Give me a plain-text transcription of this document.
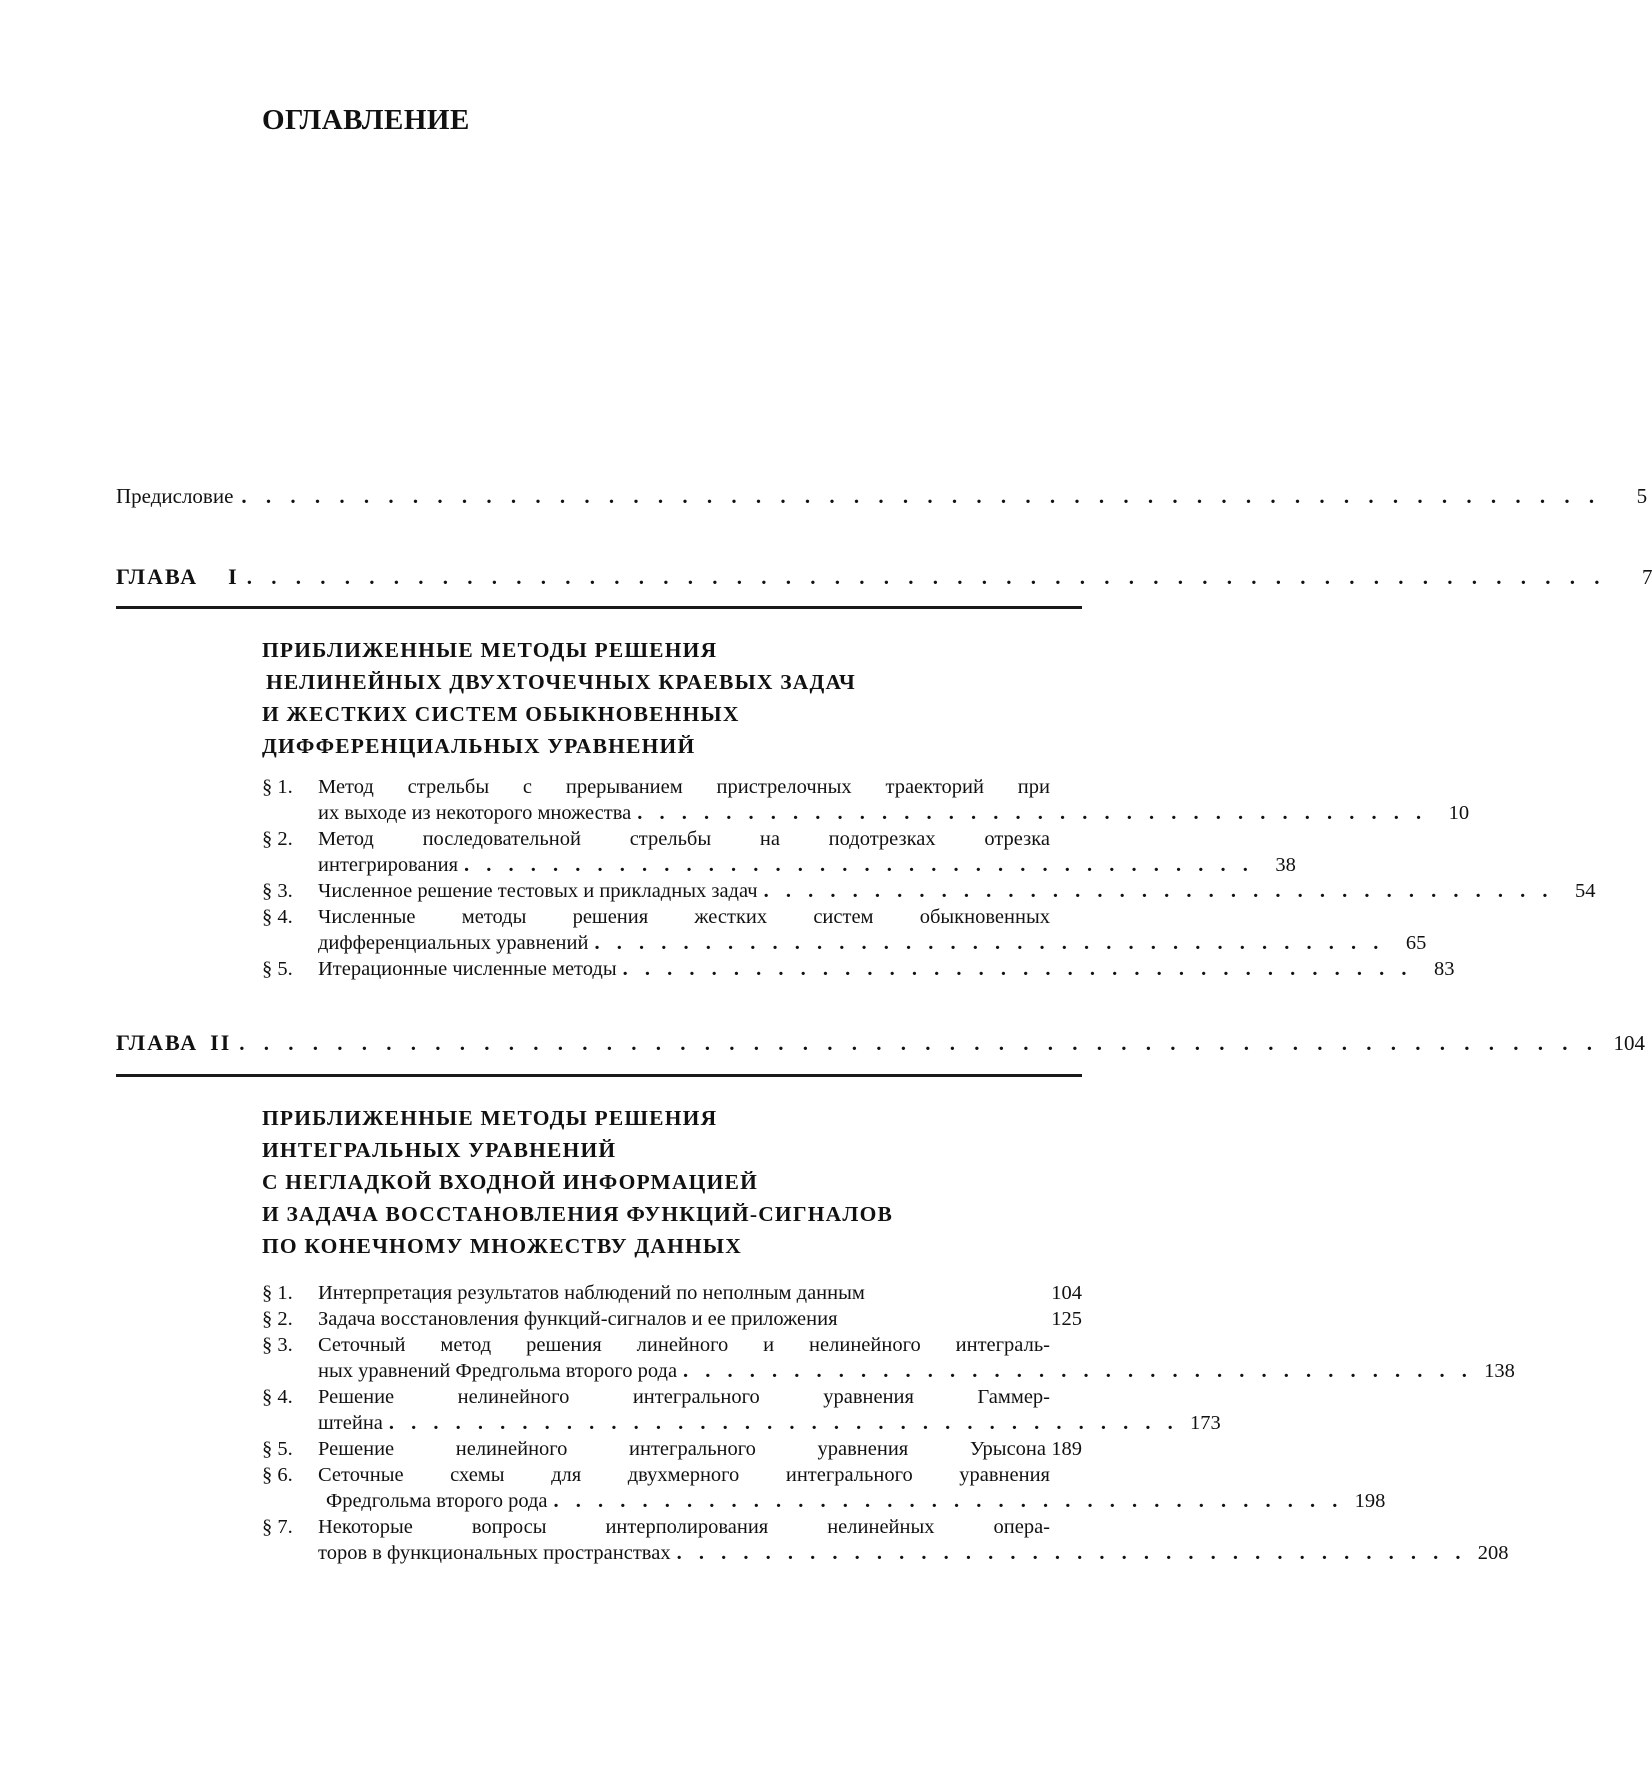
ОГЛАВЛЕНИЕ
Предисловие . . . . . . . . . . . . . . . . . . . . . . . . . . . . . . . . . . . . . . . . . . . . . . . . . . . . . . . .	5
ГЛАВА I . . . . . . . . . . . . . . . . . . . . . . . . . . . . . . . . . . . . . . . . . . . . . . . . . . . . . . . .	7
ПРИБЛИЖЕННЫЕ МЕТОДЫ РЕШЕНИЯ
НЕЛИНЕЙНЫХ ДВУХТОЧЕЧНЫХ КРАЕВЫХ ЗАДАЧ
И ЖЕСТКИХ СИСТЕМ ОБЫКНОВЕННЫХ
ДИФФЕРЕНЦИАЛЬНЫХ УРАВНЕНИЙ
§ 1. Метод стрельбы с прерыванием пристрелочных траекторий при
их выходе из некоторого множества . . . . . . . . . . . . . . . . . . . . . . . . . . . . . . . . . . . .	10
§ 2. Метод последовательной стрельбы на подотрезках отрезка
интегрирования . . . . . . . . . . . . . . . . . . . . . . . . . . . . . . . . . . . .	38
§ 3. Численное решение тестовых и прикладных задач . . . . . . . . . . . . . . . . . . . . . . . . . . . . . . . . . . . .	54
§ 4. Численные методы решения жестких систем обыкновенных
дифференциальных уравнений . . . . . . . . . . . . . . . . . . . . . . . . . . . . . . . . . . . .	65
§ 5. Итерационные численные методы . . . . . . . . . . . . . . . . . . . . . . . . . . . . . . . . . . . .	83
ГЛАВА II . . . . . . . . . . . . . . . . . . . . . . . . . . . . . . . . . . . . . . . . . . . . . . . . . . . . . . . . 104
ПРИБЛИЖЕННЫЕ МЕТОДЫ РЕШЕНИЯ
ИНТЕГРАЛЬНЫХ УРАВНЕНИЙ
С НЕГЛАДКОЙ ВХОДНОЙ ИНФОРМАЦИЕЙ
И ЗАДАЧА ВОССТАНОВЛЕНИЯ ФУНКЦИЙ-СИГНАЛОВ
ПО КОНЕЧНОМУ МНОЖЕСТВУ ДАННЫХ
§ 1. Интерпретация результатов наблюдений по неполным данным	104
§ 2. Задача восстановления функций-сигналов и ее приложения	125
§ 3. Сеточный метод решения линейного и нелинейного интеграль-
ных уравнений Фредгольма второго рода . . . . . . . . . . . . . . . . . . . . . . . . . . . . . . . . . . . . 138
§ 4. Решение нелинейного интегрального уравнения Гаммер-
штейна . . . . . . . . . . . . . . . . . . . . . . . . . . . . . . . . . . . . 173
§ 5. Решение нелинейного интегрального уравнения Урысона 189
§ 6. Сеточные схемы для двухмерного интегрального уравнения
Фредгольма второго рода . . . . . . . . . . . . . . . . . . . . . . . . . . . . . . . . . . . . 198
§ 7. Некоторые вопросы интерполирования нелинейных опера-
торов в функциональных пространствах . . . . . . . . . . . . . . . . . . . . . . . . . . . . . . . . . . . . 208
